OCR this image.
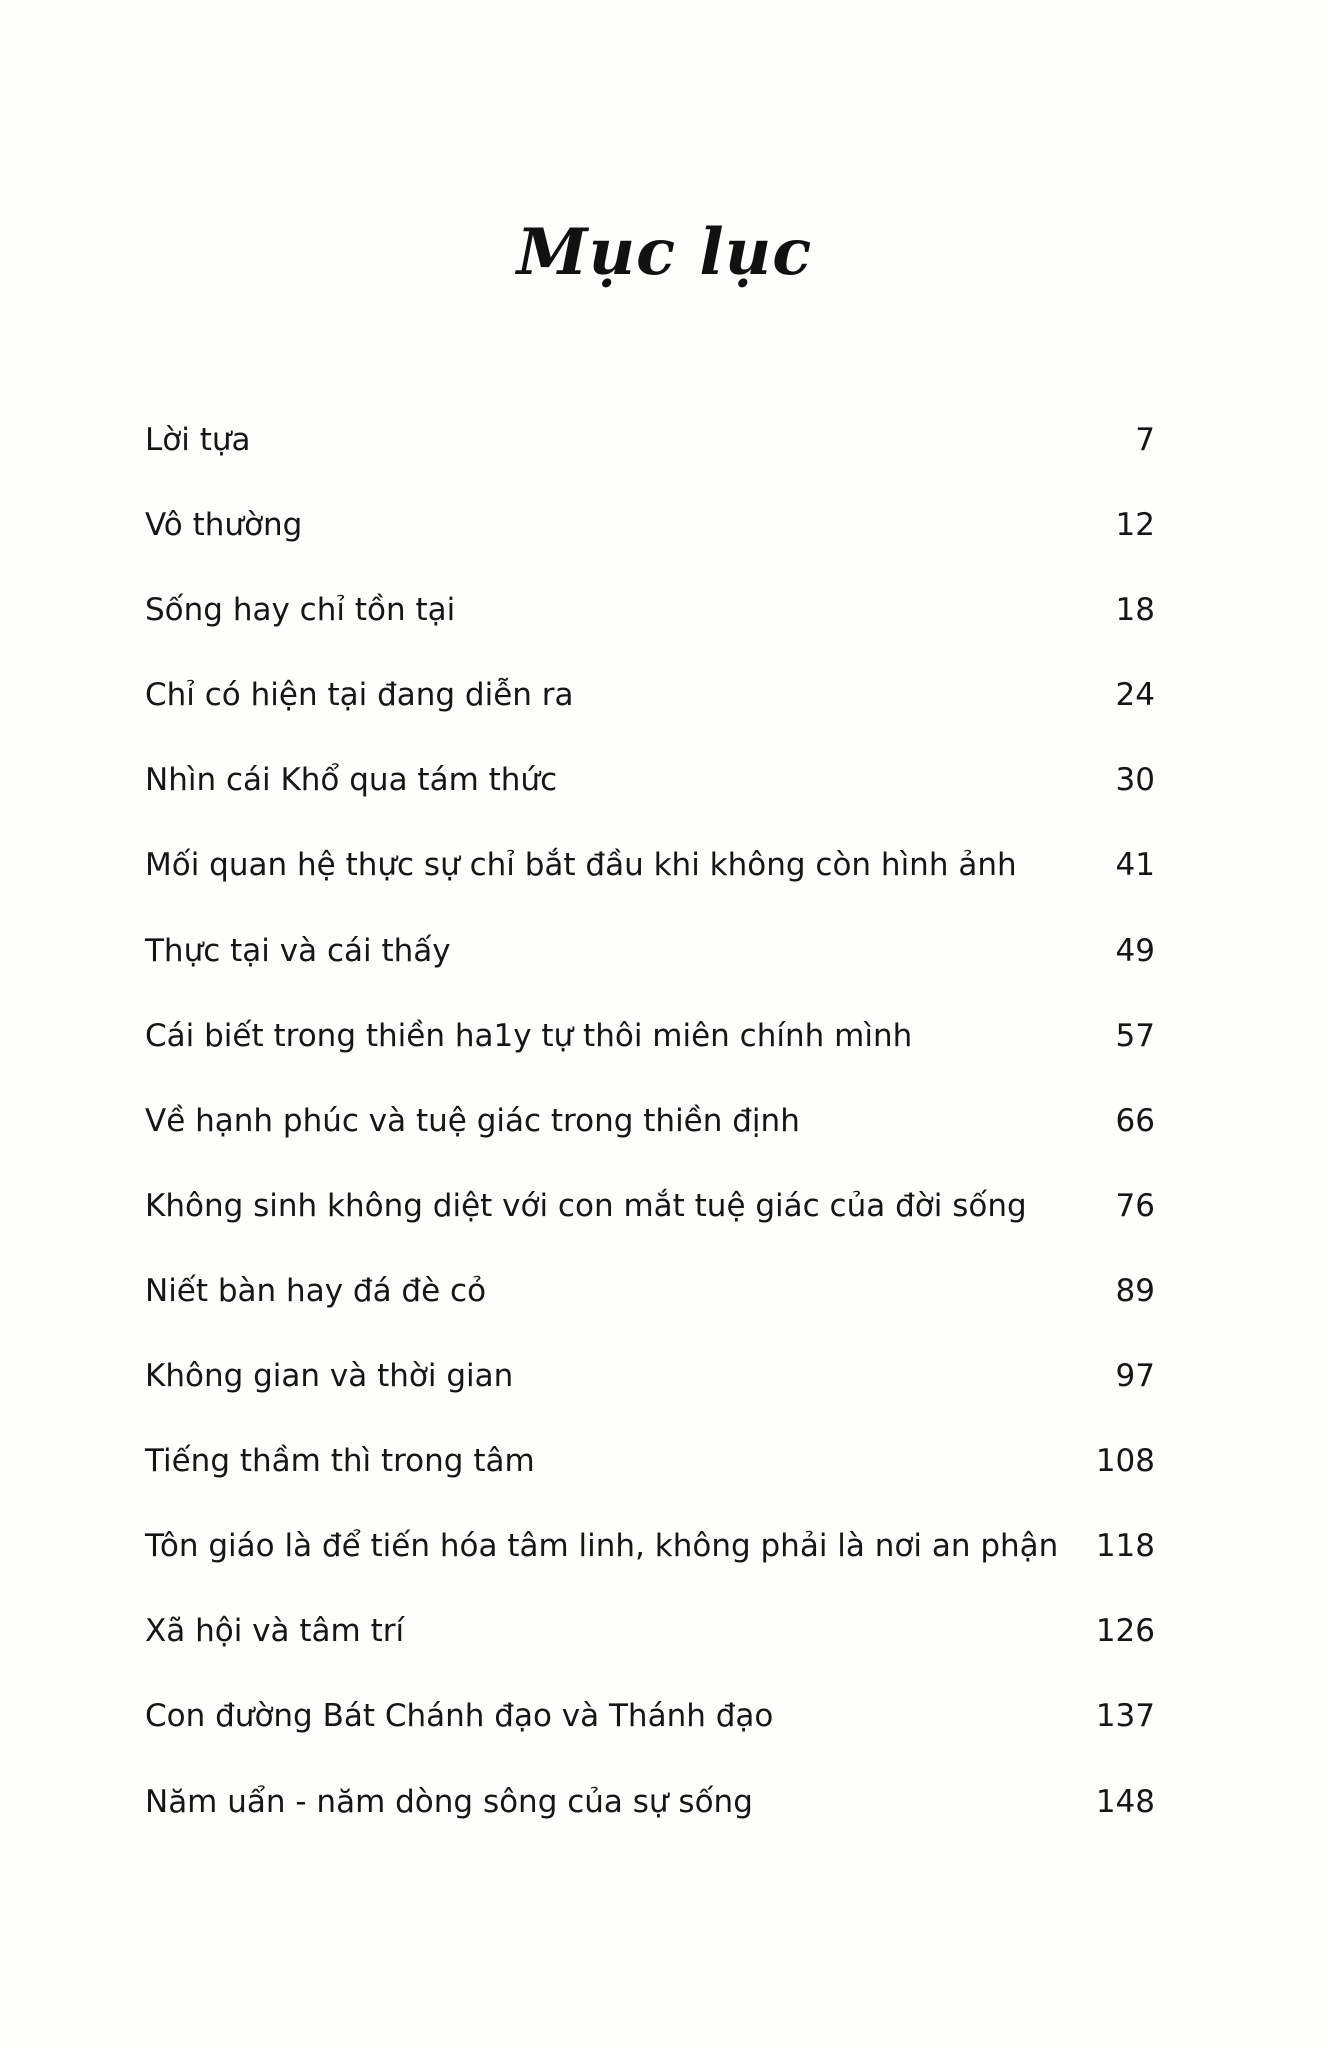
Mục lục
Lời tựa	7
Vô thường	12
Sống hay chỉ tồn tại	18
Chỉ có hiện tại đang diễn ra	24
Nhìn cái Khổ qua tám thức	30
Mối quan hệ thực sự chỉ bắt đầu khi không còn hình ảnh	41
Thực tại và cái thấy	49
Cái biết trong thiền ha1y tự thôi miên chính mình	57
Về hạnh phúc và tuệ giác trong thiền định	66
Không sinh không diệt với con mắt tuệ giác của đời sống	76
Niết bàn hay đá đè cỏ	89
Không gian và thời gian	97
Tiếng thầm thì trong tâm	108
Tôn giáo là để tiến hóa tâm linh, không phải là nơi an phận 118
Xã hội và tâm trí	126
Con đường Bát Chánh đạo và Thánh đạo	137
Năm uẩn - năm dòng sông của sự sống	148
